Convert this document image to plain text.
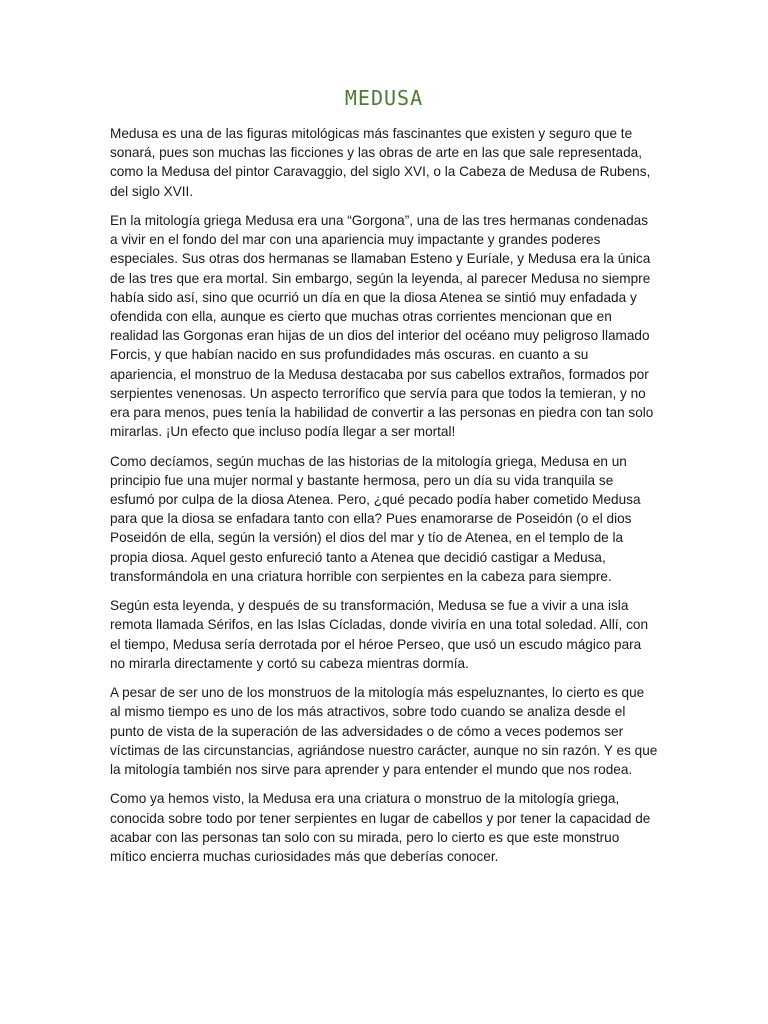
MEDUSA

Medusa es una de las figuras mitológicas más fascinantes que existen y seguro que te sonará, pues son muchas las ficciones y las obras de arte en las que sale representada, como la Medusa del pintor Caravaggio, del siglo XVI, o la Cabeza de Medusa de Rubens, del siglo XVII.

En la mitología griega Medusa era una “Gorgona”, una de las tres hermanas condenadas a vivir en el fondo del mar con una apariencia muy impactante y grandes poderes especiales. Sus otras dos hermanas se llamaban Esteno y Euríale, y Medusa era la única de las tres que era mortal. Sin embargo, según la leyenda, al parecer Medusa no siempre había sido así, sino que ocurrió un día en que la diosa Atenea se sintió muy enfadada y ofendida con ella, aunque es cierto que muchas otras corrientes mencionan que en realidad las Gorgonas eran hijas de un dios del interior del océano muy peligroso llamado Forcis, y que habían nacido en sus profundidades más oscuras. en cuanto a su apariencia, el monstruo de la Medusa destacaba por sus cabellos extraños, formados por serpientes venenosas. Un aspecto terrorífico que servía para que todos la temieran, y no era para menos, pues tenía la habilidad de convertir a las personas en piedra con tan solo mirarlas. ¡Un efecto que incluso podía llegar a ser mortal!

Como decíamos, según muchas de las historias de la mitología griega, Medusa en un principio fue una mujer normal y bastante hermosa, pero un día su vida tranquila se esfumó por culpa de la diosa Atenea. Pero, ¿qué pecado podía haber cometido Medusa para que la diosa se enfadara tanto con ella? Pues enamorarse de Poseidón (o el dios Poseidón de ella, según la versión) el dios del mar y tío de Atenea, en el templo de la propia diosa. Aquel gesto enfureció tanto a Atenea que decidió castigar a Medusa, transformándola en una criatura horrible con serpientes en la cabeza para siempre.

Según esta leyenda, y después de su transformación, Medusa se fue a vivir a una isla remota llamada Sérifos, en las Islas Cícladas, donde viviría en una total soledad. Allí, con el tiempo, Medusa sería derrotada por el héroe Perseo, que usó un escudo mágico para no mirarla directamente y cortó su cabeza mientras dormía.

A pesar de ser uno de los monstruos de la mitología más espeluznantes, lo cierto es que al mismo tiempo es uno de los más atractivos, sobre todo cuando se analiza desde el punto de vista de la superación de las adversidades o de cómo a veces podemos ser víctimas de las circunstancias, agriándose nuestro carácter, aunque no sin razón. Y es que la mitología también nos sirve para aprender y para entender el mundo que nos rodea.

Como ya hemos visto, la Medusa era una criatura o monstruo de la mitología griega, conocida sobre todo por tener serpientes en lugar de cabellos y por tener la capacidad de acabar con las personas tan solo con su mirada, pero lo cierto es que este monstruo mítico encierra muchas curiosidades más que deberías conocer.
